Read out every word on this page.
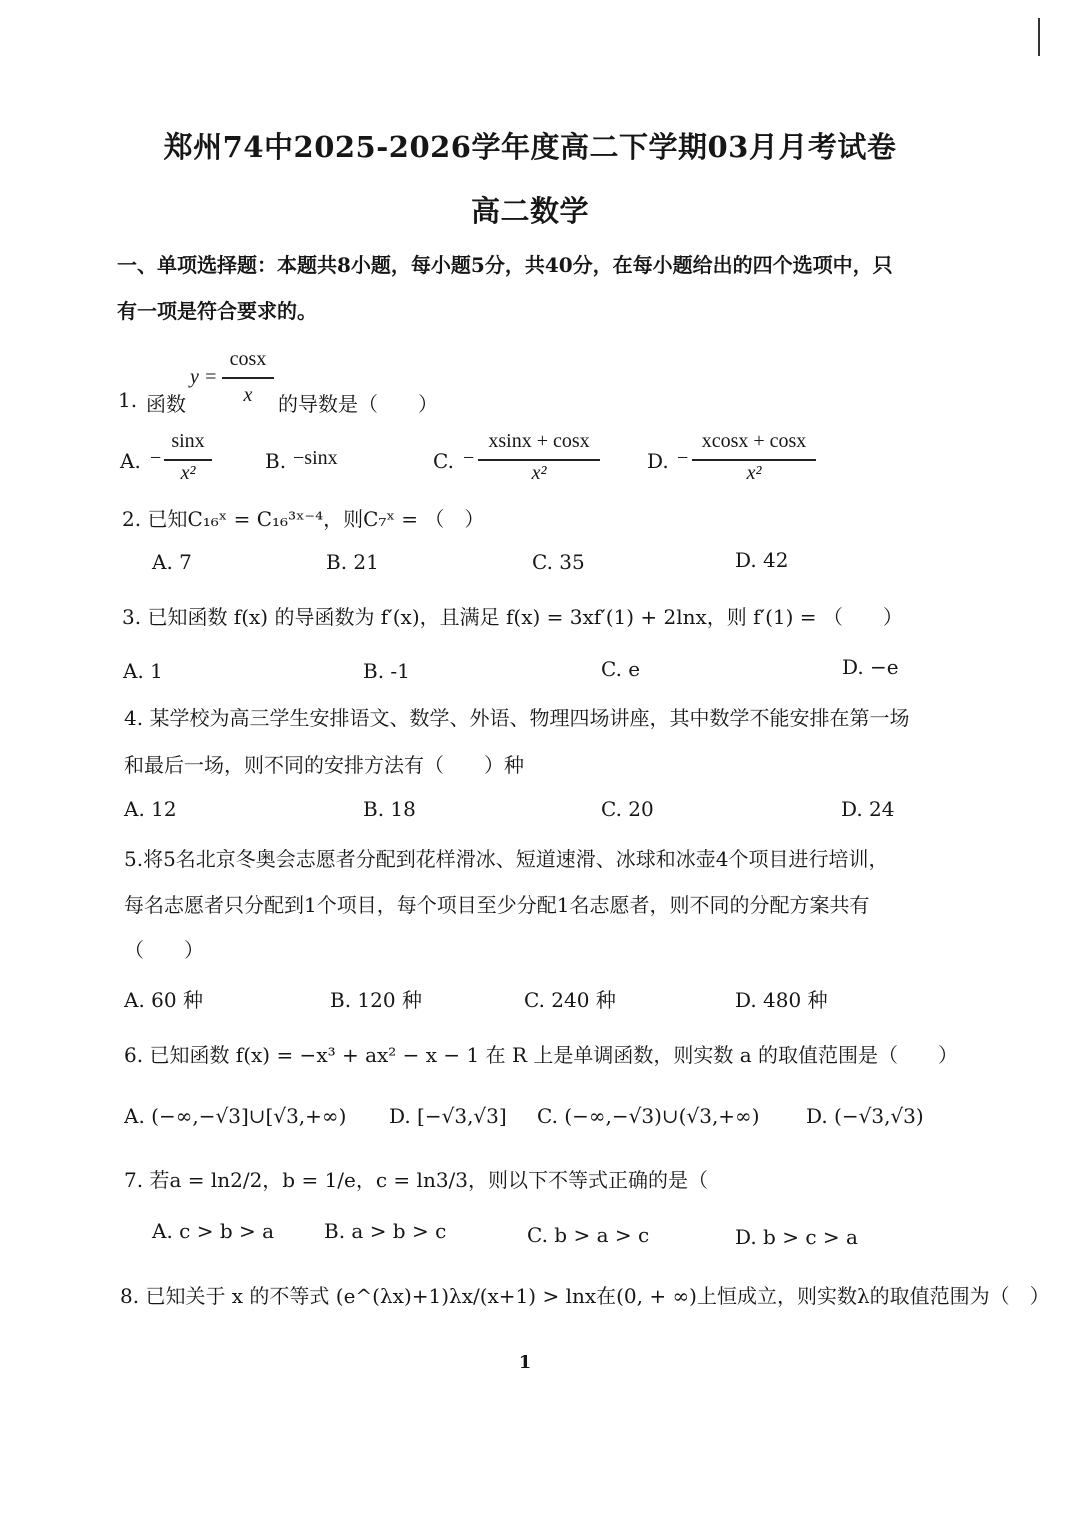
郑州74中2025-2026学年度高二下学期03月月考试卷
高二数学
一、单项选择题：本题共8小题，每小题5分，共40分，在每小题给出的四个选项中，只
有一项是符合要求的。
1. 函数
y =
cosx
x	的导数是（　　）
A. −
sinx
x²	B. −sinx	C. −
xsinx + cosx
x²	D. −
xcosx + cosx
x²
2. 已知C₁₆ˣ = C₁₆³ˣ⁻⁴，则C₇ˣ = （　）
A. 7	B. 21	C. 35	D. 42
3. 已知函数 f(x) 的导函数为 f′(x)，且满足 f(x) = 3xf′(1) + 2lnx，则 f′(1) = （　　）
A. 1	B. -1	C. e	D. −e
4. 某学校为高三学生安排语文、数学、外语、物理四场讲座，其中数学不能安排在第一场
和最后一场，则不同的安排方法有（　　）种
A. 12	B. 18	C. 20	D. 24
5.将5名北京冬奥会志愿者分配到花样滑冰、短道速滑、冰球和冰壶4个项目进行培训，
每名志愿者只分配到1个项目，每个项目至少分配1名志愿者，则不同的分配方案共有
（　　）
A. 60 种	B. 120 种	C. 240 种	D. 480 种
6. 已知函数 f(x) = −x³ + ax² − x − 1 在 R 上是单调函数，则实数 a 的取值范围是（　　）
A. (−∞,−√3]∪[√3,+∞) D. [−√3,√3] C. (−∞,−√3)∪(√3,+∞) D. (−√3,√3)
7. 若a = ln2/2，b = 1/e，c = ln3/3，则以下不等式正确的是（
A. c > b > a B. a > b > c	C. b > a > c	D. b > c > a
8. 已知关于 x 的不等式 (e^(λx)+1)λx/(x+1) > lnx在(0, + ∞)上恒成立，则实数λ的取值范围为（　）
1
